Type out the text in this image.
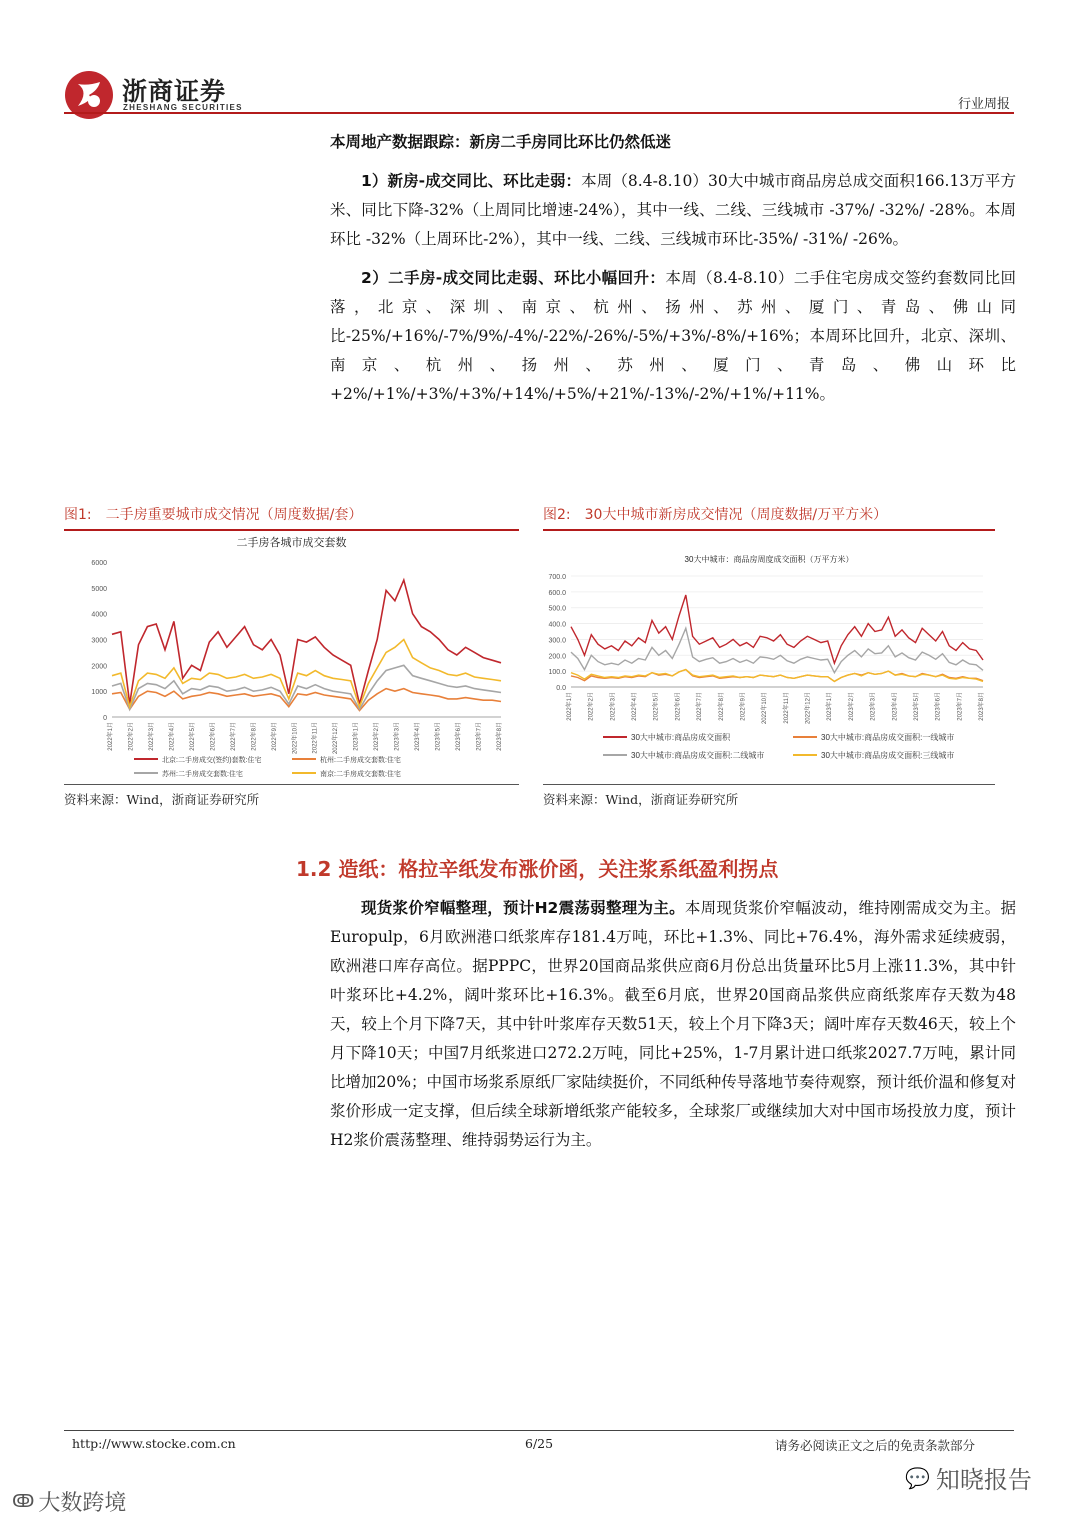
浙商证券
ZHESHANG SECURITIES	行业周报

本周地产数据跟踪：新房二手房同比环比仍然低迷

1）新房-成交同比、环比走弱：本周（8.4-8.10）30大中城市商品房总成交面积166.13万平方米、同比下降-32%（上周同比增速-24%），其中一线、二线、三线城市 -37%/ -32%/ -28%。本周环比 -32%（上周环比-2%），其中一线、二线、三线城市环比-35%/ -31%/ -26%。

2）二手房-成交同比走弱、环比小幅回升：本周（8.4-8.10）二手住宅房成交签约套数同比回落，北京、深圳、南京、杭州、扬州、苏州、厦门、青岛、佛山同比-25%/+16%/-7%/9%/-4%/-22%/-26%/-5%/+3%/-8%/+16%；本周环比回升，北京、深圳、南京、杭州、扬州、苏州、厦门、青岛、佛山环比+2%/+1%/+3%/+3%/+14%/+5%/+21%/-13%/-2%/+1%/+11%。

图1:　二手房重要城市成交情况（周度数据/套）
二手房各城市成交套数
0
1000
2000
3000
4000
5000
6000
2022年1月	2022年2月	2022年3月	2022年4月	2022年5月	2022年6月	2022年7月	2022年8月	2022年9月	2022年10月	2022年11月	2022年12月	2023年1月	2023年2月	2023年3月	2023年4月	2023年5月	2023年6月	2023年7月	2023年8月
北京:二手房成交(签约)套数:住宅	杭州:二手房成交套数:住宅
苏州:二手房成交套数:住宅	南京:二手房成交套数:住宅
资料来源：Wind，浙商证券研究所
图2:　30大中城市新房成交情况（周度数据/万平方米）
30大中城市：商品房周度成交面积（万平方米）
0.0
100.0
200.0
300.0
400.0
500.0
600.0
700.0
2022年1月	2022年2月	2022年3月	2022年4月	2022年5月	2022年6月	2022年7月	2022年8月	2022年9月	2022年10月	2022年11月	2022年12月	2023年1月	2023年2月	2023年3月	2023年4月	2023年5月	2023年6月	2023年7月	2023年8月
30大中城市:商品房成交面积	30大中城市:商品房成交面积:一线城市
30大中城市:商品房成交面积:二线城市	30大中城市:商品房成交面积:三线城市
资料来源：Wind，浙商证券研究所
1.2 造纸：格拉辛纸发布涨价函，关注浆系纸盈利拐点

现货浆价窄幅整理，预计H2震荡弱整理为主。本周现货浆价窄幅波动，维持刚需成交为主。据Europulp，6月欧洲港口纸浆库存181.4万吨，环比+1.3%、同比+76.4%，海外需求延续疲弱，欧洲港口库存高位。据PPPC，世界20国商品浆供应商6月份总出货量环比5月上涨11.3%，其中针叶浆环比+4.2%，阔叶浆环比+16.3%。截至6月底，世界20国商品浆供应商纸浆库存天数为48天，较上个月下降7天，其中针叶浆库存天数51天，较上个月下降3天；阔叶库存天数46天，较上个月下降10天；中国7月纸浆进口272.2万吨，同比+25%，1-7月累计进口纸浆2027.7万吨，累计同比增加20%；中国市场浆系原纸厂家陆续挺价，不同纸种传导落地节奏待观察，预计纸价温和修复对浆价形成一定支撑，但后续全球新增纸浆产能较多，全球浆厂或继续加大对中国市场投放力度，预计H2浆价震荡整理、维持弱势运行为主。

http://www.stocke.com.cn	6/25	请务必阅读正文之后的免责条款部分
ↂ 大数跨境
💬 知晓报告
